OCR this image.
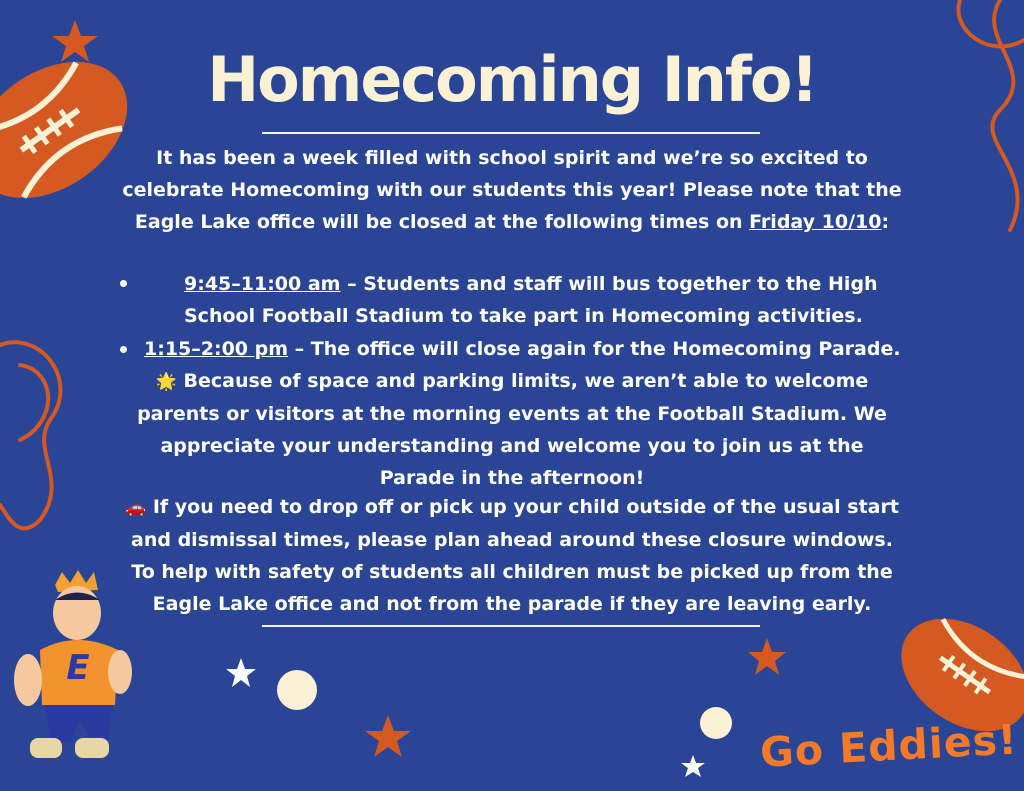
E
Homecoming Info!
It has been a week filled with school spirit and we’re so excited to
celebrate Homecoming with our students this year! Please note that the
Eagle Lake office will be closed at the following times on Friday 10/10:
9:45–11:00 am – Students and staff will bus together to the High
School Football Stadium to take part in Homecoming activities.
1:15–2:00 pm – The office will close again for the Homecoming Parade.
🌟 Because of space and parking limits, we aren’t able to welcome
parents or visitors at the morning events at the Football Stadium. We
appreciate your understanding and welcome you to join us at the
Parade in the afternoon!
🚗 If you need to drop off or pick up your child outside of the usual start
and dismissal times, please plan ahead around these closure windows.
To help with safety of students all children must be picked up from the
Eagle Lake office and not from the parade if they are leaving early.
Go Eddies!
